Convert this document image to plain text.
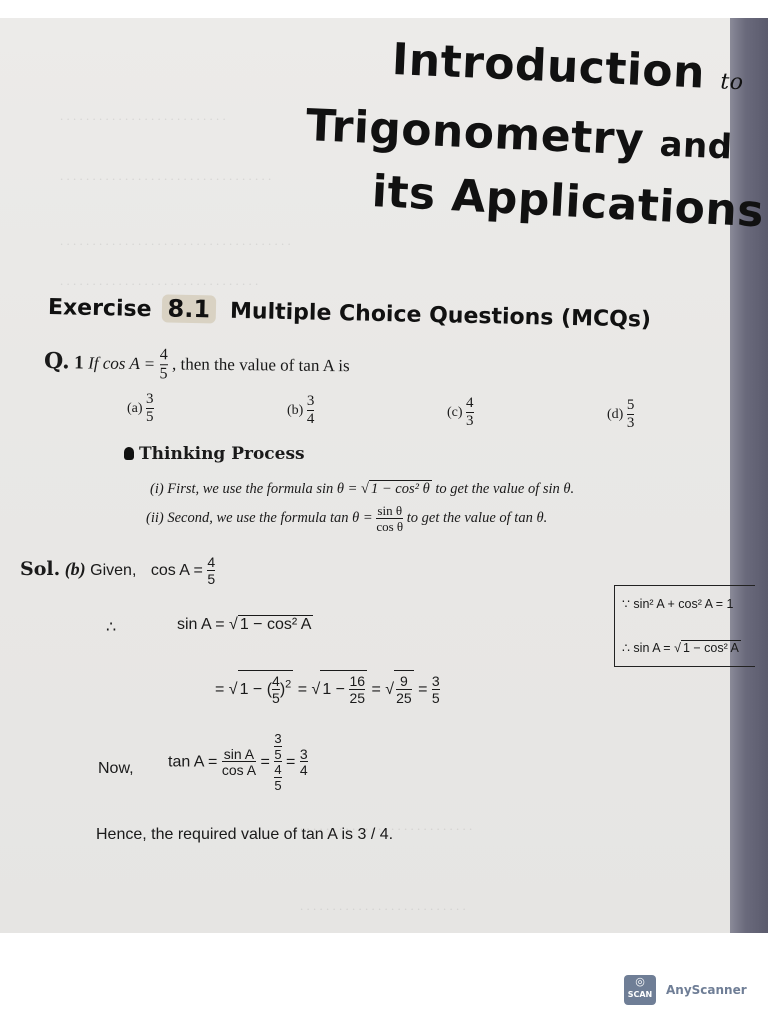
. . . . . . . . . . . . . . . . . . . . . . . . . .
. . . . . . . . . . . . . . . . . . . . . . . . . . . . . . . . .
. . . . . . . . . . . . . . . . . . . . . . . . . . . . . . . . . . . .
. . . . . . . . . . . . . . . . . . . . . . . . . . . . . . .
. . . . . . . . . . . . . . . . . . . . . . . . . . .
. . . . . . . . . . . . . . . . . . . . . . . . . .
Introduction to
Trigonometry and
its Applications
Exercise 8.1 Multiple Choice Questions (MCQs)
Q. 1 If $\cos A = \frac{4}{5}$ , then the value of tan A is
$(a) \frac{3}{5}$	$(b) \frac{3}{4}$	$(c) \frac{4}{3}$	$(d) \frac{5}{3}$
Thinking Process
(i) First, we use the formula sin θ = √ 1 − cos² θ to get the value of sin θ.
(ii) Second, we use the formula $\tan \theta = \frac{\text{sin θ}}{\text{cos θ}}$ to get the value of tan θ.
Sol. (b) Given, $\cos A = \frac{4}{5}$
∴	sin A = √ 1 − cos² A
∵ sin² A + cos² A = 1
∴ sin A = √ 1 − cos² A
= √ 1 − ( $\frac{4}{5} )^2$ = √ $1 - \frac{16}{25}$ = √ $\frac{9}{25} = \frac{3}{5}$
Now, $\tan A = \frac{\text{sin A}}{\text{cos A}} = \frac{\frac{3}{5}}{\frac{4}{5}} = \frac{3}{4}$
Hence, the required value of tan A is 3 / 4.
◎
SCAN	AnyScanner
